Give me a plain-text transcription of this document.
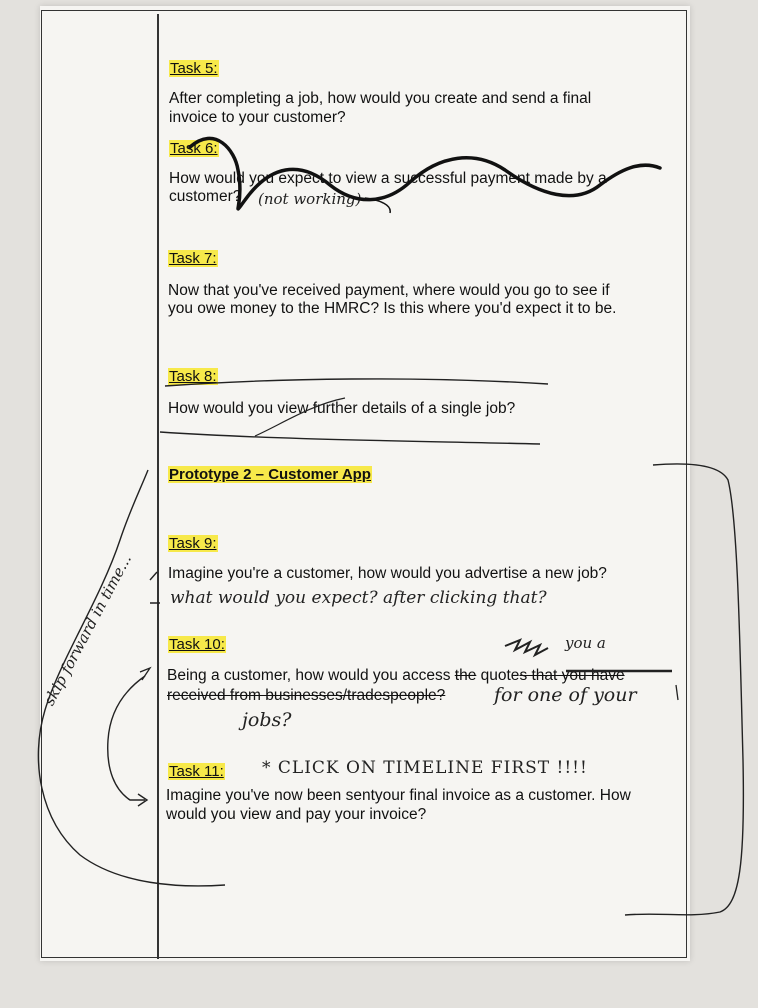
Task 5:
After completing a job, how would you create and send a final
invoice to your customer?
Task 6:
How would you expect to view a successful payment made by a
customer? (not working)
Task 7:
Now that you've received payment, where would you go to see if
you owe money to the HMRC? Is this where you'd expect it to be.
Task 8:
How would you view further details of a single job?
Prototype 2 – Customer App
Task 9:
Imagine you're a customer, how would you advertise a new job?
what would you expect? after clicking that?
Task 10:	you a
Being a customer, how would you access the quotes that you have
received from businesses/tradespeople?	for one of your
jobs?
Task 11: * CLICK ON TIMELINE FIRST !!!!
Imagine you've now been sentyour final invoice as a customer. How
would you view and pay your invoice?
skip forward in time...
